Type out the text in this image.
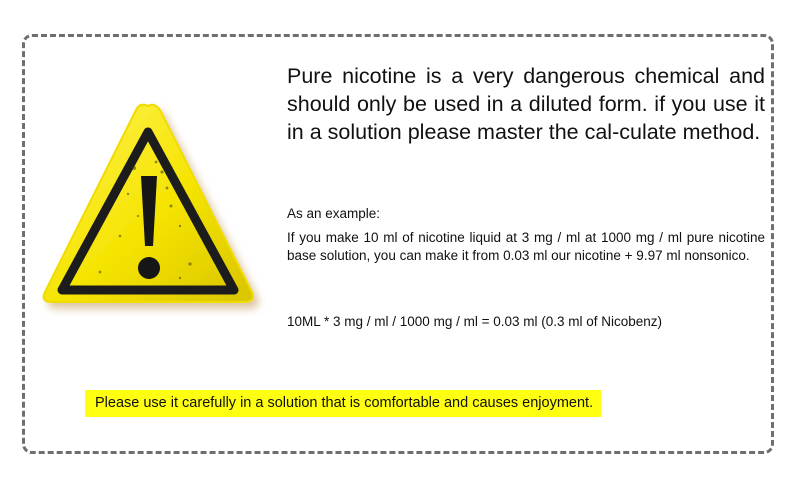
Pure nicotine is a very dangerous chemical and should only be used in a diluted form. if you use it in a solution please master the cal-culate method.

As an example:

If you make 10 ml of nicotine liquid at 3 mg / ml at 1000 mg / ml pure nicotine base solution, you can make it from 0.03 ml our nicotine + 9.97 ml nonsonico.

10ML * 3 mg / ml / 1000 mg / ml = 0.03 ml (0.3 ml of Nicobenz)

Please use it carefully in a solution that is comfortable and causes enjoyment.
